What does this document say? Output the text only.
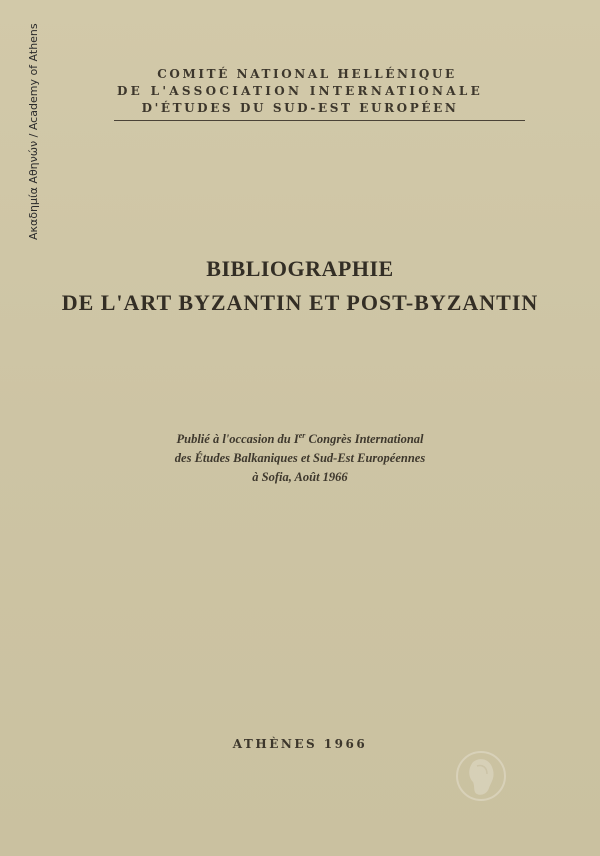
Ακαδημία Αθηνών / Academy of Athens	COMITÉ NATIONAL HELLÉNIQUE
DE L'ASSOCIATION INTERNATIONALE
D'ÉTUDES DU SUD-EST EUROPÉEN
BIBLIOGRAPHIE
DE L'ART BYZANTIN ET POST-BYZANTIN
Publié à l'occasion du Ier Congrès International
des Études Balkaniques et Sud-Est Européennes
à Sofia, Août 1966
ATHÈNES 1966
